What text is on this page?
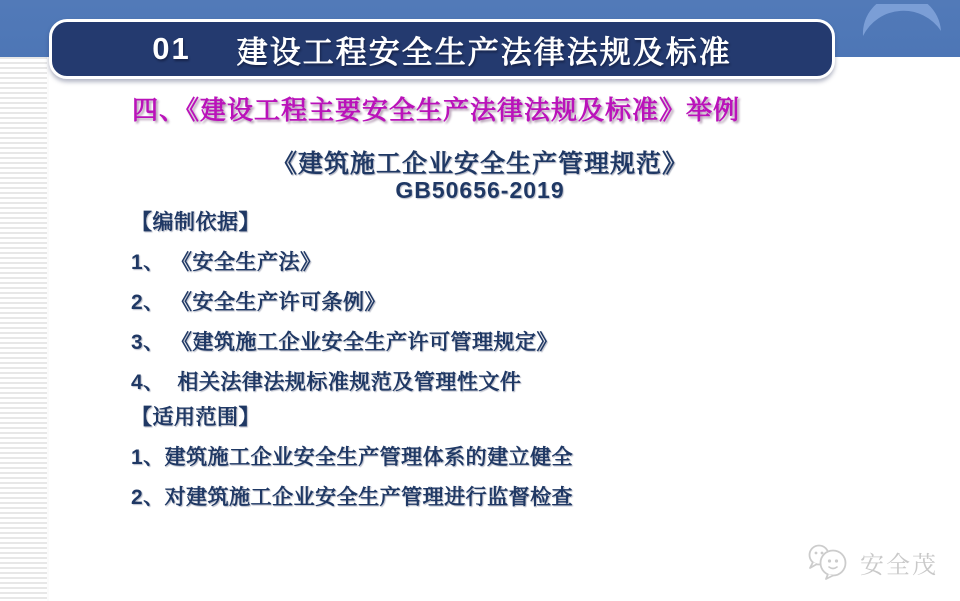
01 建设工程安全生产法律法规及标准
四、《建设工程主要安全生产法律法规及标准》举例
《建筑施工企业安全生产管理规范》
GB50656-2019
【编制依据】
1、 《安全生产法》
2、 《安全生产许可条例》
3、 《建筑施工企业安全生产许可管理规定》
4、  相关法律法规标准规范及管理性文件
【适用范围】
1、建筑施工企业安全生产管理体系的建立健全
2、对建筑施工企业安全生产管理进行监督检查
安全茂
